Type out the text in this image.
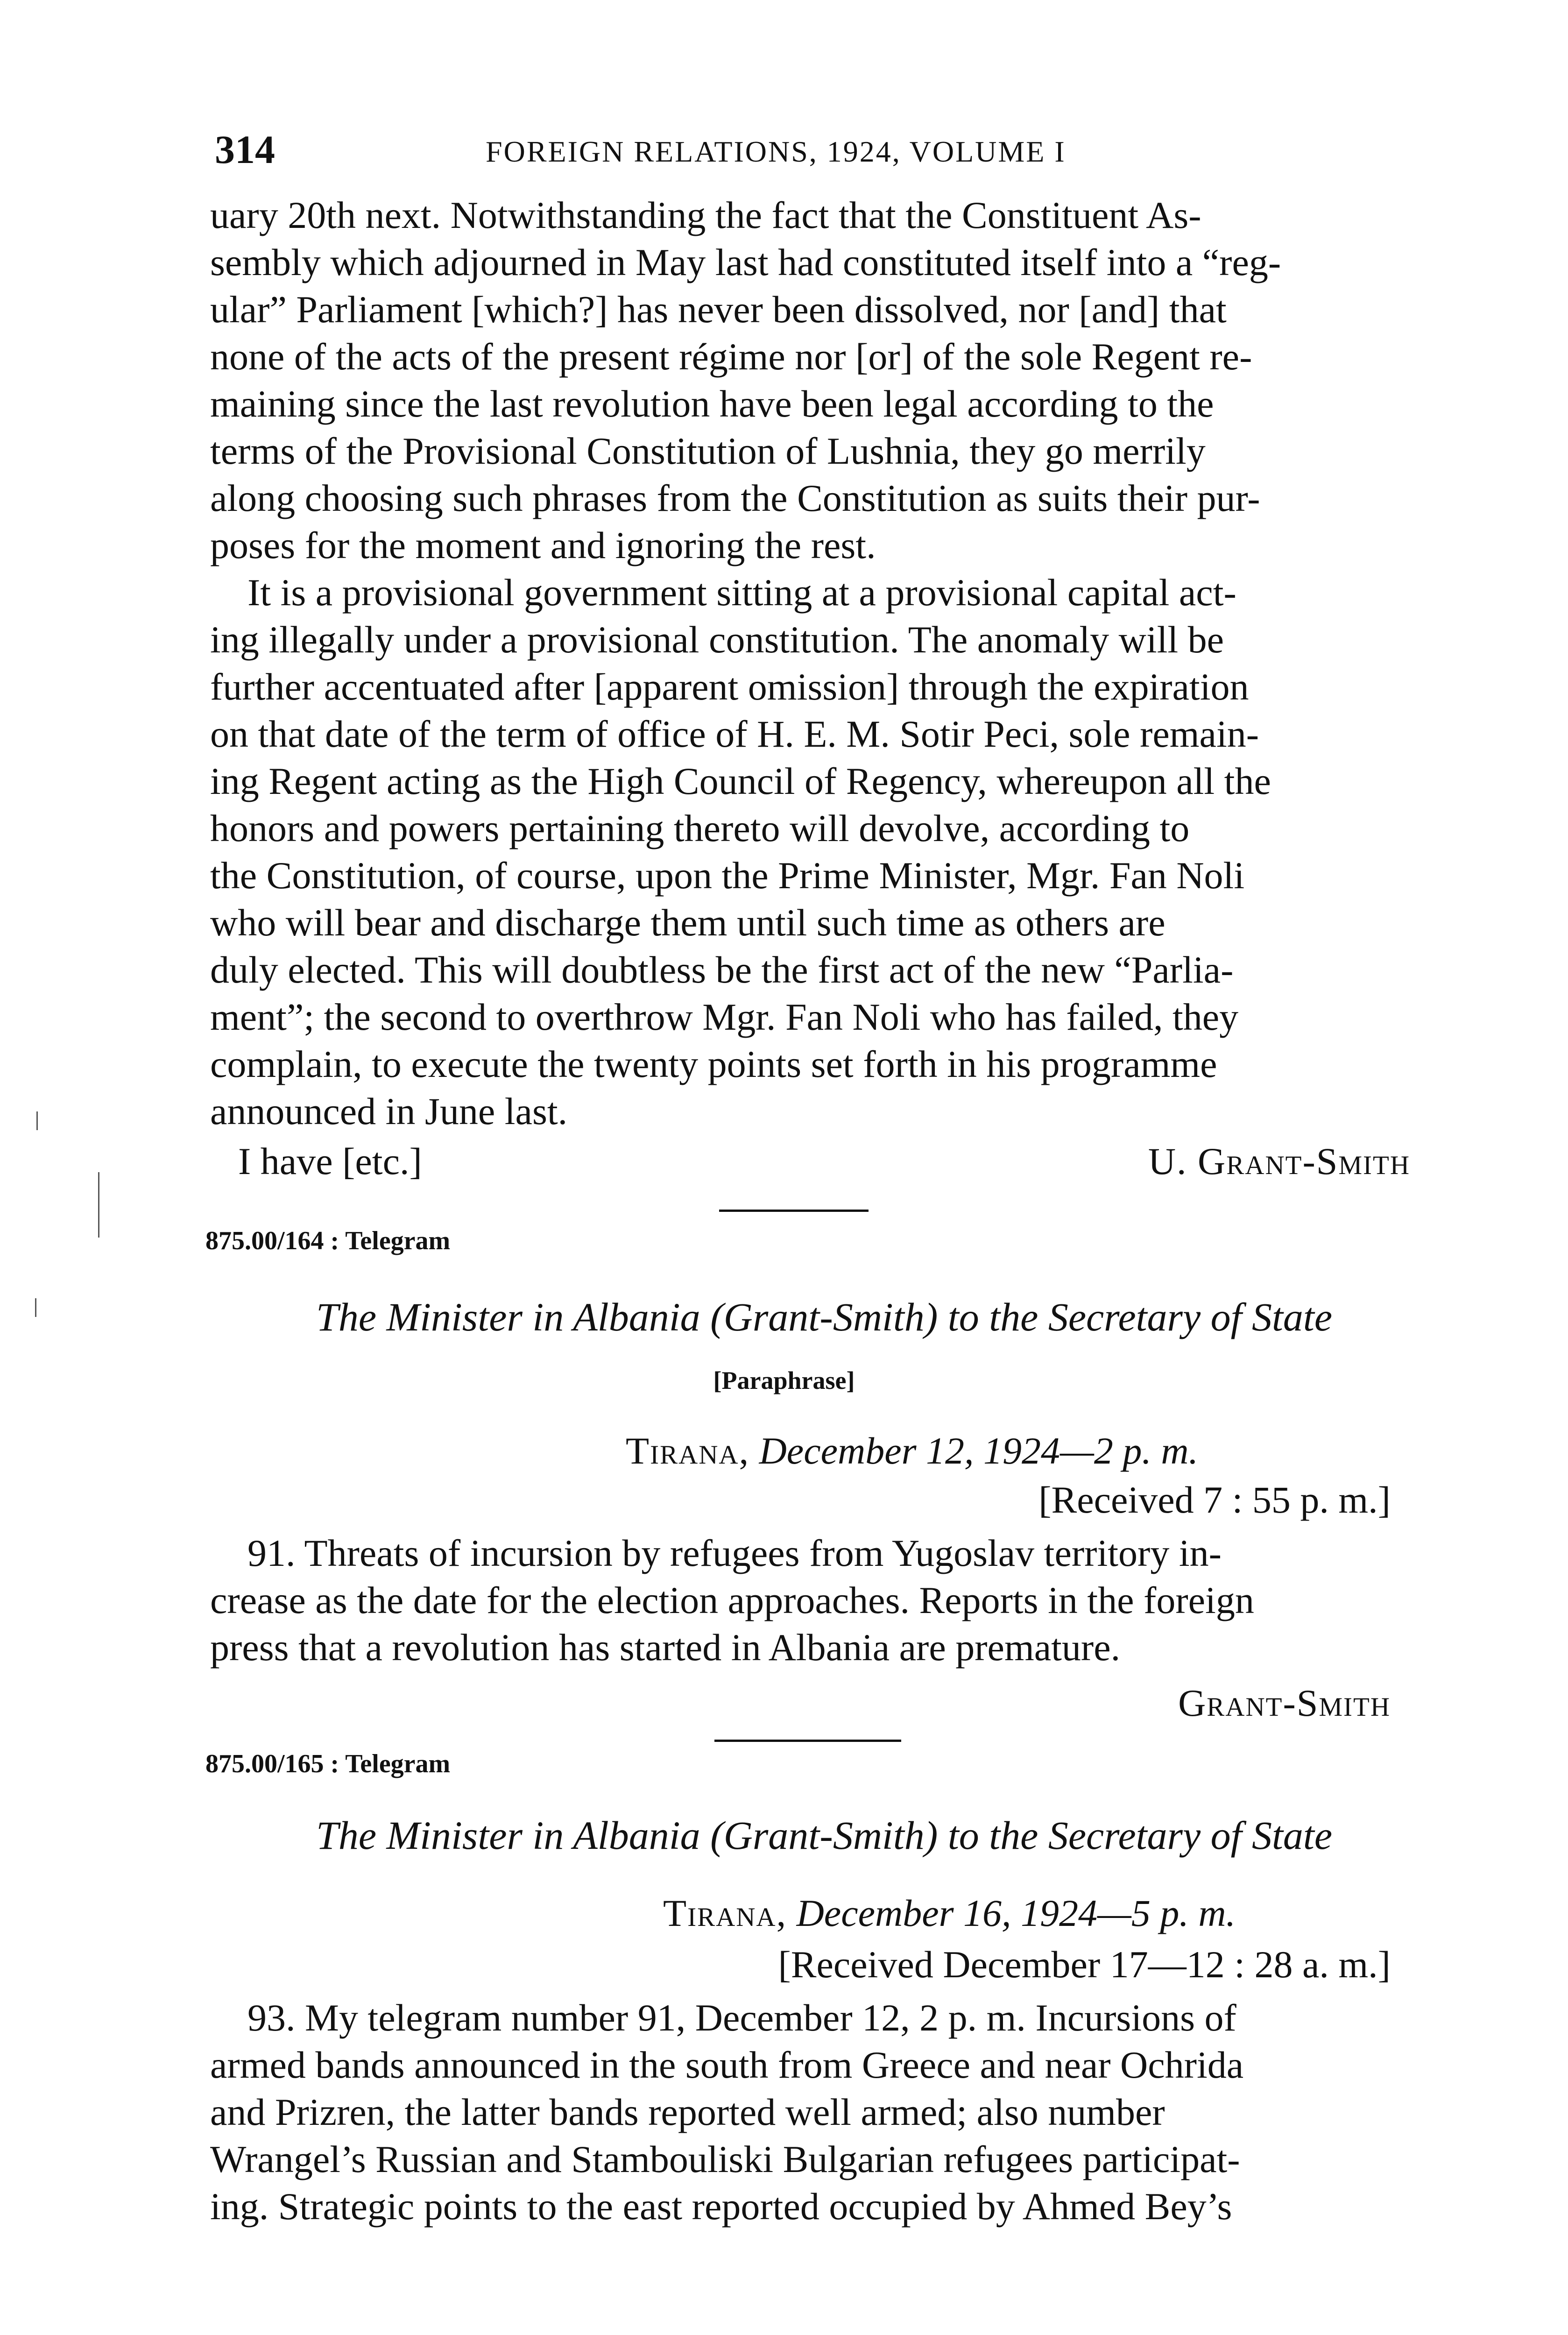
314	FOREIGN RELATIONS, 1924, VOLUME I

uary 20th next. Notwithstanding the fact that the Constituent As-

sembly which adjourned in May last had constituted itself into a “reg-

ular” Parliament [which?] has never been dissolved, nor [and] that

none of the acts of the present régime nor [or] of the sole Regent re-

maining since the last revolution have been legal according to the

terms of the Provisional Constitution of Lushnia, they go merrily

along choosing such phrases from the Constitution as suits their pur-

poses for the moment and ignoring the rest.

It is a provisional government sitting at a provisional capital act-

ing illegally under a provisional constitution. The anomaly will be

further accentuated after [apparent omission] through the expiration

on that date of the term of office of H. E. M. Sotir Peci, sole remain-

ing Regent acting as the High Council of Regency, whereupon all the

honors and powers pertaining thereto will devolve, according to

the Constitution, of course, upon the Prime Minister, Mgr. Fan Noli

who will bear and discharge them until such time as others are

duly elected. This will doubtless be the first act of the new “Parlia-

ment”; the second to overthrow Mgr. Fan Noli who has failed, they

complain, to execute the twenty points set forth in his programme

announced in June last.

I have [etc.]	U. Grant-Smith
875.00/164 : Telegram
The Minister in Albania (Grant-Smith) to the Secretary of State
[Paraphrase]
Tirana, December 12, 1924—2 p. m.
[Received 7 : 55 p. m.]

91. Threats of incursion by refugees from Yugoslav territory in-

crease as the date for the election approaches. Reports in the foreign

press that a revolution has started in Albania are premature.

Grant-Smith
875.00/165 : Telegram
The Minister in Albania (Grant-Smith) to the Secretary of State
Tirana, December 16, 1924—5 p. m.
[Received December 17—12 : 28 a. m.]

93. My telegram number 91, December 12, 2 p. m. Incursions of

armed bands announced in the south from Greece and near Ochrida

and Prizren, the latter bands reported well armed; also number

Wrangel’s Russian and Stambouliski Bulgarian refugees participat-

ing. Strategic points to the east reported occupied by Ahmed Bey’s
